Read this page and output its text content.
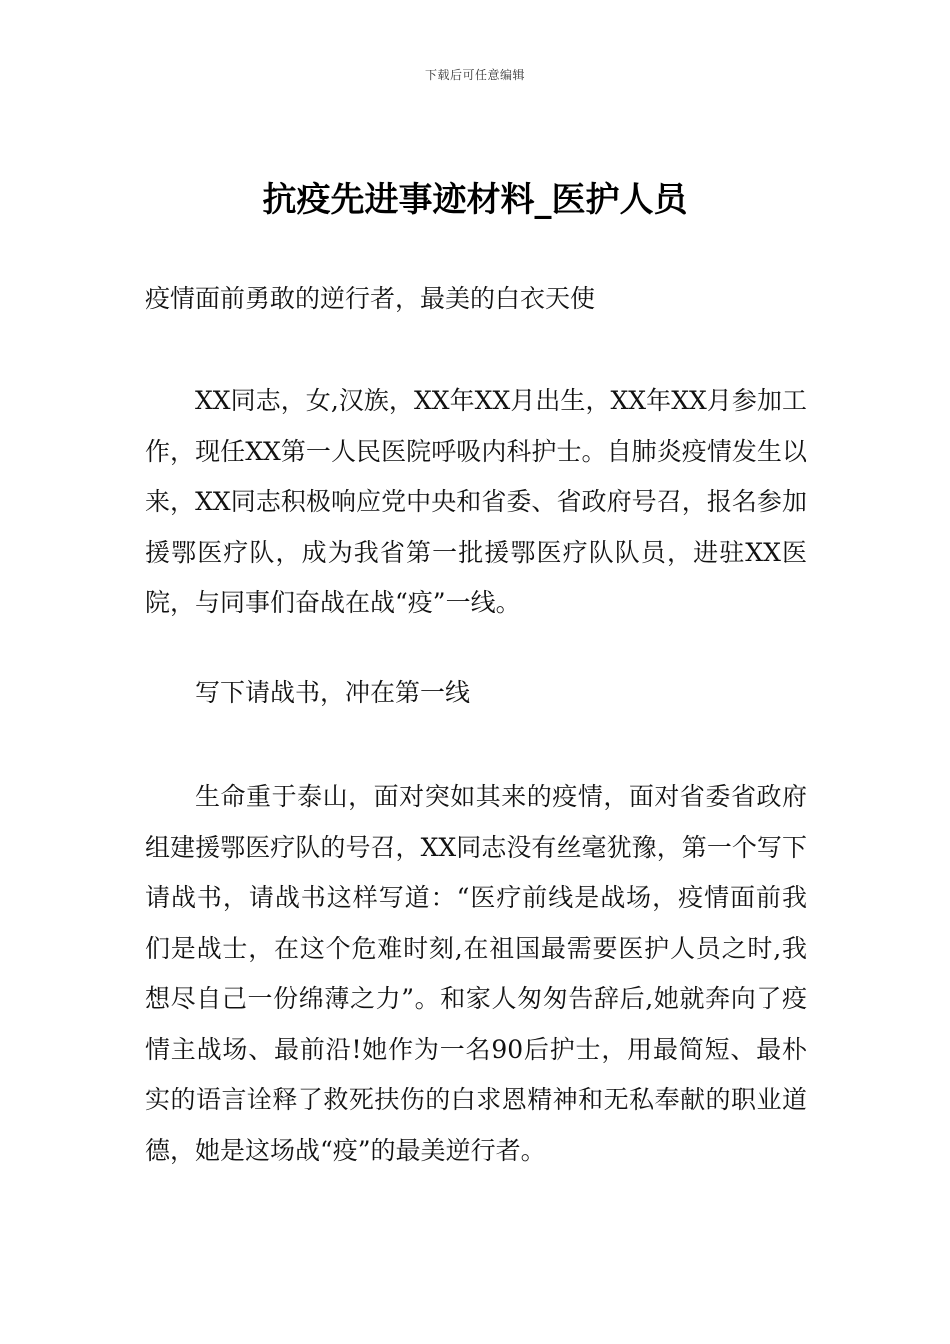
下载后可任意编辑
抗疫先进事迹材料_医护人员

疫情面前勇敢的逆行者，最美的白衣天使

XX同志，女,汉族，XX年XX月出生，XX年XX月参加工作，现任XX第一人民医院呼吸内科护士。自肺炎疫情发生以来，XX同志积极响应党中央和省委、省政府号召，报名参加援鄂医疗队，成为我省第一批援鄂医疗队队员，进驻XX医院，与同事们奋战在战“疫”一线。

写下请战书，冲在第一线

生命重于泰山，面对突如其来的疫情，面对省委省政府组建援鄂医疗队的号召，XX同志没有丝毫犹豫，第一个写下请战书，请战书这样写道：“医疗前线是战场，疫情面前我们是战士，在这个危难时刻,在祖国最需要医护人员之时,我想尽自己一份绵薄之力”。和家人匆匆告辞后,她就奔向了疫情主战场、最前沿!她作为一名90后护士，用最简短、最朴实的语言诠释了救死扶伤的白求恩精神和无私奉献的职业道德，她是这场战“疫”的最美逆行者。
